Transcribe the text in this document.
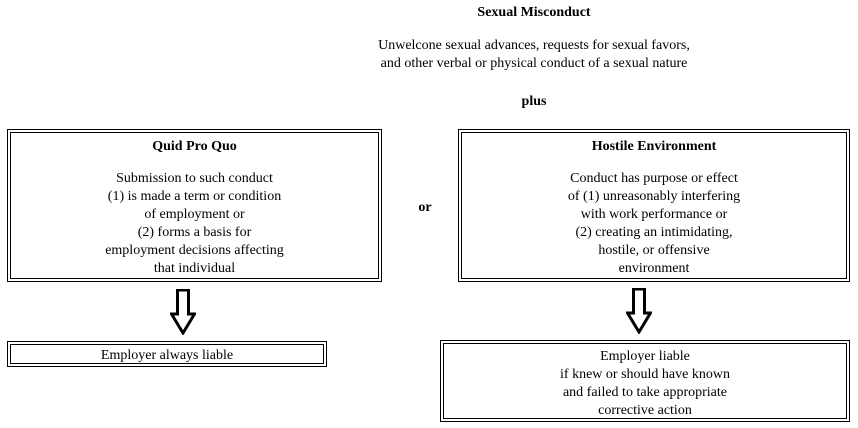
Sexual Misconduct
Unwelcone sexual advances, requests for sexual favors,
and other verbal or physical conduct of a sexual nature
plus
Quid Pro Quo
Submission to such conduct
(1) is made a term or condition
of employment or
(2) forms a basis for
employment decisions affecting
that individual
or
Hostile Environment
Conduct has purpose or effect
of (1) unreasonably interfering
with work performance or
(2) creating an intimidating,
hostile, or offensive
environment
Employer always liable	Employer liable
if knew or should have known
and failed to take appropriate
corrective action
